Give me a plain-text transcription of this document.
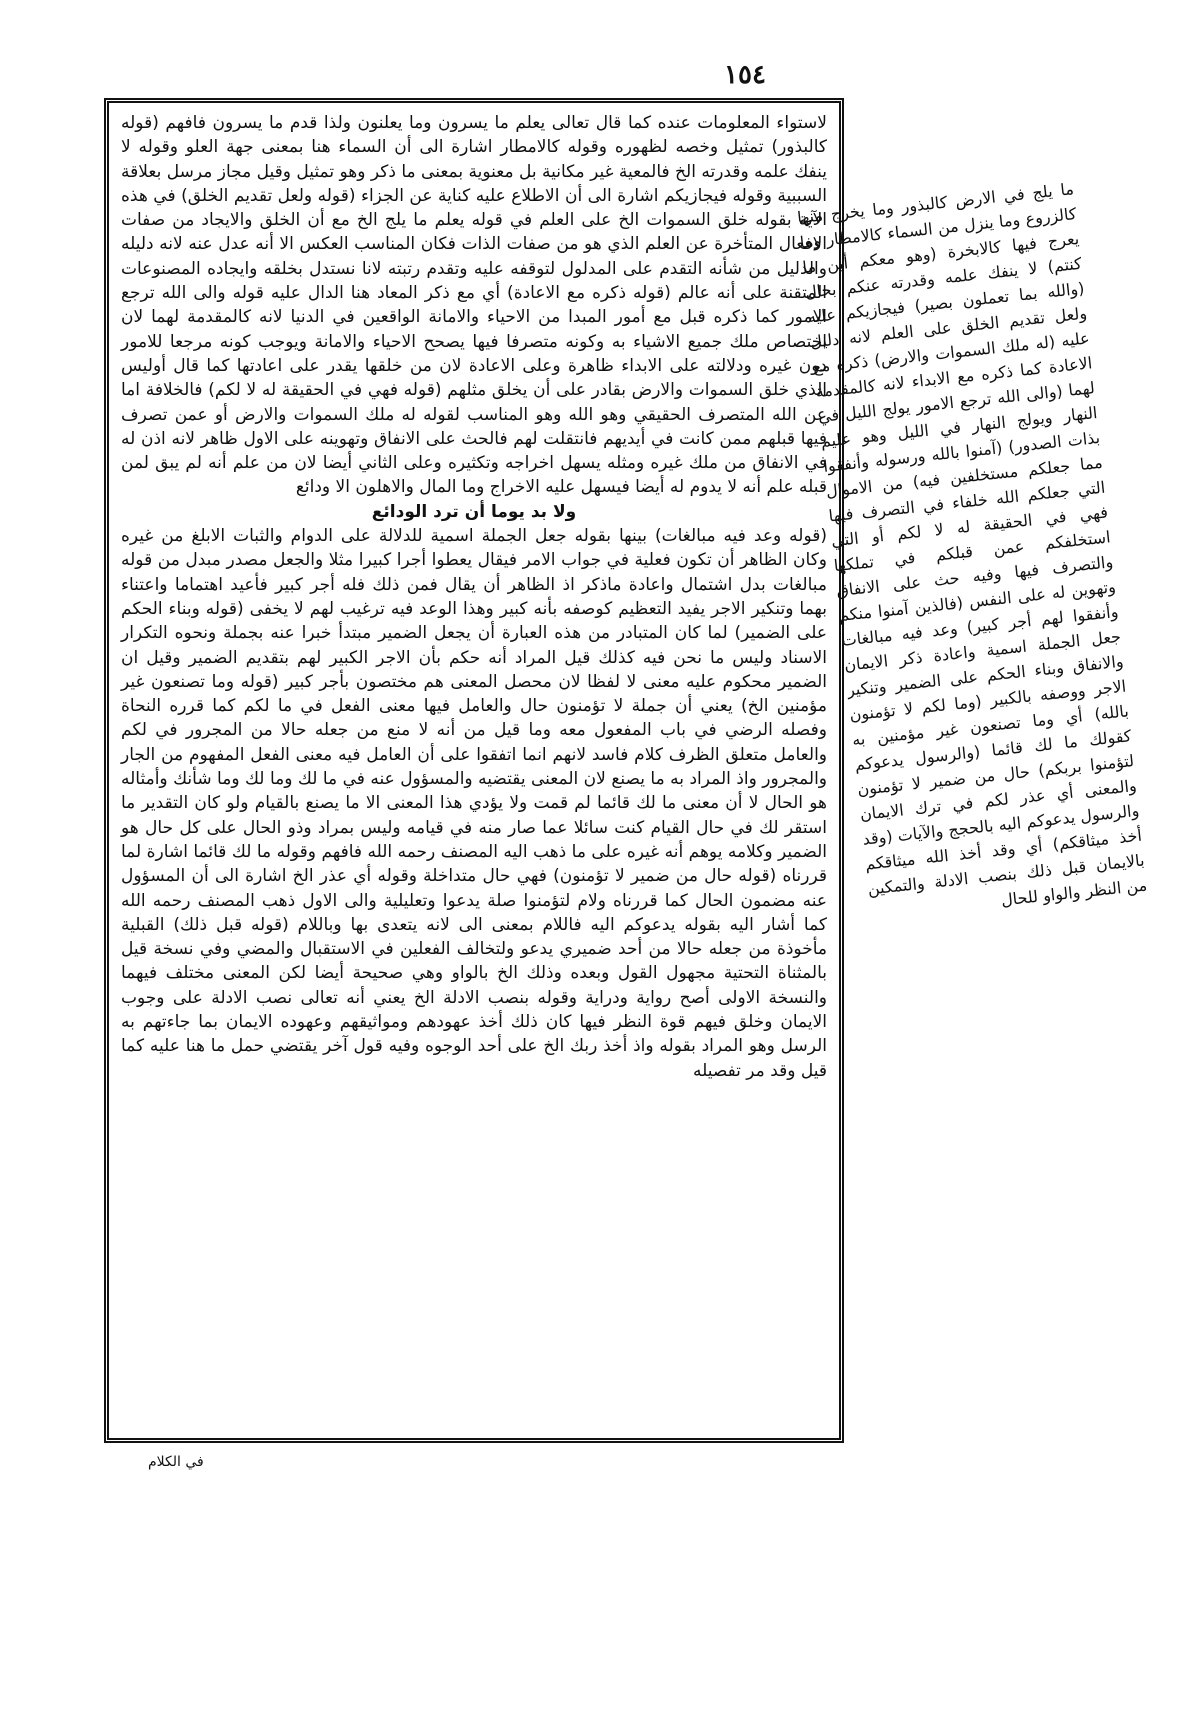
١٥٤

لاستواء المعلومات عنده كما قال تعالى يعلم ما يسرون وما يعلنون ولذا قدم ما يسرون فافهم (قوله كالبذور) تمثيل وخصه لظهوره وقوله كالامطار اشارة الى أن السماء هنا بمعنى جهة العلو وقوله لا ينفك علمه وقدرته الخ فالمعية غير مكانية بل معنوية بمعنى ما ذكر وهو تمثيل وقيل مجاز مرسل بعلاقة السببية وقوله فيجازيكم اشارة الى أن الاطلاع عليه كناية عن الجزاء (قوله ولعل تقديم الخلق) في هذه الآية بقوله خلق السموات الخ على العلم في قوله يعلم ما يلج الخ مع أن الخلق والايجاد من صفات الافعال المتأخرة عن العلم الذي هو من صفات الذات فكان المناسب العكس الا أنه عدل عنه لانه دليله والدليل من شأنه التقدم على المدلول لتوقفه عليه وتقدم رتبته لانا نستدل بخلقه وايجاده المصنوعات المتقنة على أنه عالم (قوله ذكره مع الاعادة) أي مع ذكر المعاد هنا الدال عليه قوله والى الله ترجع الامور كما ذكره قبل مع أمور المبدا من الاحياء والامانة الواقعين في الدنيا لانه كالمقدمة لهما لان اختصاص ملك جميع الاشياء به وكونه متصرفا فيها يصحح الاحياء والامانة ويوجب كونه مرجعا للامور دون غيره ودلالته على الابداء ظاهرة وعلى الاعادة لان من خلقها يقدر على اعادتها كما قال أوليس الذي خلق السموات والارض بقادر على أن يخلق مثلهم (قوله فهي في الحقيقة له لا لكم) فالخلافة اما عن الله المتصرف الحقيقي وهو الله وهو المناسب لقوله له ملك السموات والارض أو عمن تصرف فيها قبلهم ممن كانت في أيديهم فانتقلت لهم فالحث على الانفاق وتهوينه على الاول ظاهر لانه اذن له في الانفاق من ملك غيره ومثله يسهل اخراجه وتكثيره وعلى الثاني أيضا لان من علم أنه لم يبق لمن قبله علم أنه لا يدوم له أيضا فيسهل عليه الاخراج وما المال والاهلون الا ودائع

ولا بد يوما أن ترد الودائع

(قوله وعد فيه مبالغات) بينها بقوله جعل الجملة اسمية للدلالة على الدوام والثبات الابلغ من غيره وكان الظاهر أن تكون فعلية في جواب الامر فيقال يعطوا أجرا كبيرا مثلا والجعل مصدر مبدل من قوله مبالغات بدل اشتمال واعادة ماذكر اذ الظاهر أن يقال فمن ذلك فله أجر كبير فأعيد اهتماما واعتناء بهما وتنكير الاجر يفيد التعظيم كوصفه بأنه كبير وهذا الوعد فيه ترغيب لهم لا يخفى (قوله وبناء الحكم على الضمير) لما كان المتبادر من هذه العبارة أن يجعل الضمير مبتدأ خبرا عنه بجملة ونحوه التكرار الاسناد وليس ما نحن فيه كذلك قيل المراد أنه حكم بأن الاجر الكبير لهم بتقديم الضمير وقيل ان الضمير محكوم عليه معنى لا لفظا لان محصل المعنى هم مختصون بأجر كبير (قوله وما تصنعون غير مؤمنين الخ) يعني أن جملة لا تؤمنون حال والعامل فيها معنى الفعل في ما لكم كما قرره النحاة وفصله الرضي في باب المفعول معه وما قيل من أنه لا منع من جعله حالا من المجرور في لكم والعامل متعلق الظرف كلام فاسد لانهم انما اتفقوا على أن العامل فيه معنى الفعل المفهوم من الجار والمجرور واذ المراد به ما يصنع لان المعنى يقتضيه والمسؤول عنه في ما لك وما لك وما شأنك وأمثاله هو الحال لا أن معنى ما لك قائما لم قمت ولا يؤدي هذا المعنى الا ما يصنع بالقيام ولو كان التقدير ما استقر لك في حال القيام كنت سائلا عما صار منه في قيامه وليس بمراد وذو الحال على كل حال هو الضمير وكلامه يوهم أنه غيره على ما ذهب اليه المصنف رحمه الله فافهم وقوله ما لك قائما اشارة لما قررناه (قوله حال من ضمير لا تؤمنون) فهي حال متداخلة وقوله أي عذر الخ اشارة الى أن المسؤول عنه مضمون الحال كما قررناه ولام لتؤمنوا صلة يدعوا وتعليلية والى الاول ذهب المصنف رحمه الله كما أشار اليه بقوله يدعوكم اليه فاللام بمعنى الى لانه يتعدى بها وباللام (قوله قبل ذلك) القبلية مأخوذة من جعله حالا من أحد ضميري يدعو ولتخالف الفعلين في الاستقبال والمضي وفي نسخة قيل بالمثناة التحتية مجهول القول وبعده وذلك الخ بالواو وهي صحيحة أيضا لكن المعنى مختلف فيهما والنسخة الاولى أصح رواية ودراية وقوله بنصب الادلة الخ يعني أنه تعالى نصب الادلة على وجوب الايمان وخلق فيهم قوة النظر فيها كان ذلك أخذ عهودهم ومواثيقهم وعهوده الايمان بما جاءتهم به الرسل وهو المراد بقوله واذ أخذ ربك الخ على أحد الوجوه وفيه قول آخر يقتضي حمل ما هنا عليه كما قيل وقد مر تفصيله

في الكلام

ما يلج في الارض كالبذور وما يخرج منها كالزروع وما ينزل من السماء كالامطار وما يعرج فيها كالابخرة (وهو معكم أين ما كنتم) لا ينفك علمه وقدرته عنكم بحال (والله بما تعملون بصير) فيجازيكم عليه ولعل تقديم الخلق على العلم لانه دليل عليه (له ملك السموات والارض) ذكره مع الاعادة كما ذكره مع الابداء لانه كالمقدمة لهما (والى الله ترجع الامور يولج الليل في النهار ويولج النهار في الليل وهو عليم بذات الصدور) (آمنوا بالله ورسوله وأنفقوا مما جعلكم مستخلفين فيه) من الاموال التي جعلكم الله خلفاء في التصرف فيها فهي في الحقيقة له لا لكم أو التي استخلفكم عمن قبلكم في تملكها والتصرف فيها وفيه حث على الانفاق وتهوين له على النفس (فالذين آمنوا منكم وأنفقوا لهم أجر كبير) وعد فيه مبالغات جعل الجملة اسمية واعادة ذكر الايمان والانفاق وبناء الحكم على الضمير وتنكير الاجر ووصفه بالكبير (وما لكم لا تؤمنون بالله) أي وما تصنعون غير مؤمنين به كقولك ما لك قائما (والرسول يدعوكم لتؤمنوا بربكم) حال من ضمير لا تؤمنون والمعنى أي عذر لكم في ترك الايمان والرسول يدعوكم اليه بالحجج والآيات (وقد أخذ ميثاقكم) أي وقد أخذ الله ميثاقكم بالايمان قبل ذلك بنصب الادلة والتمكين من النظر والواو للحال
